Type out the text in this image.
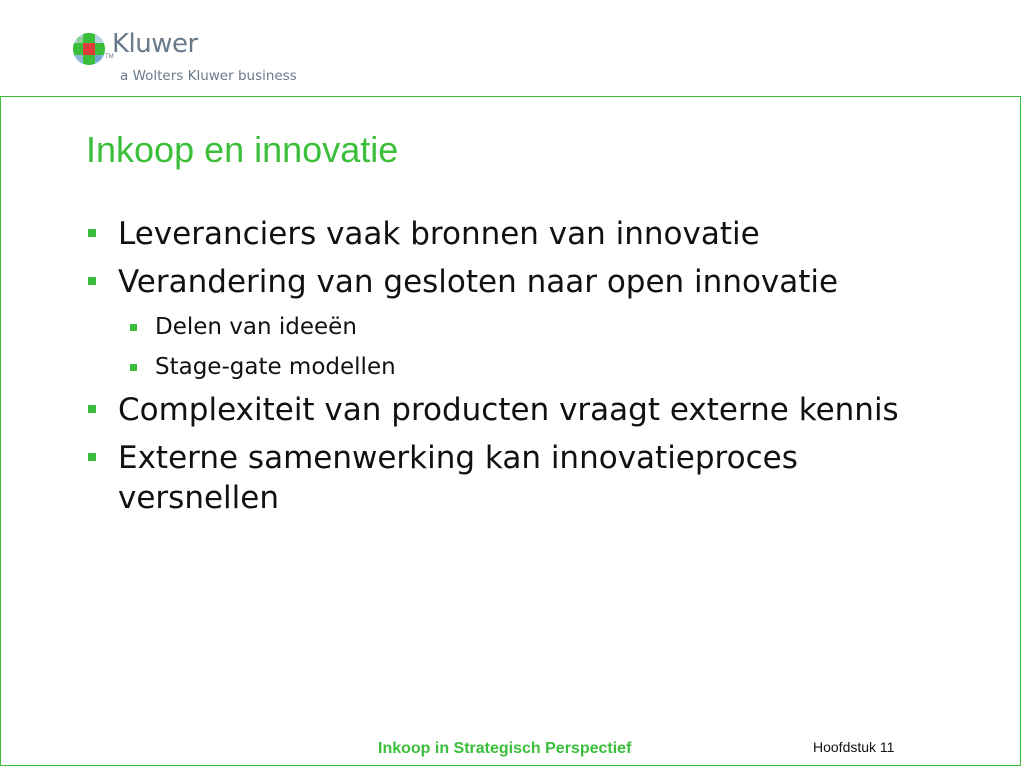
TM
Kluwer
a Wolters Kluwer business
Inkoop en innovatie
Leveranciers vaak bronnen van innovatie
Verandering van gesloten naar open innovatie
Delen van ideeën
Stage-gate modellen
Complexiteit van producten vraagt externe kennis
Externe samenwerking kan innovatieproces versnellen
Inkoop in Strategisch Perspectief	Hoofdstuk 11
